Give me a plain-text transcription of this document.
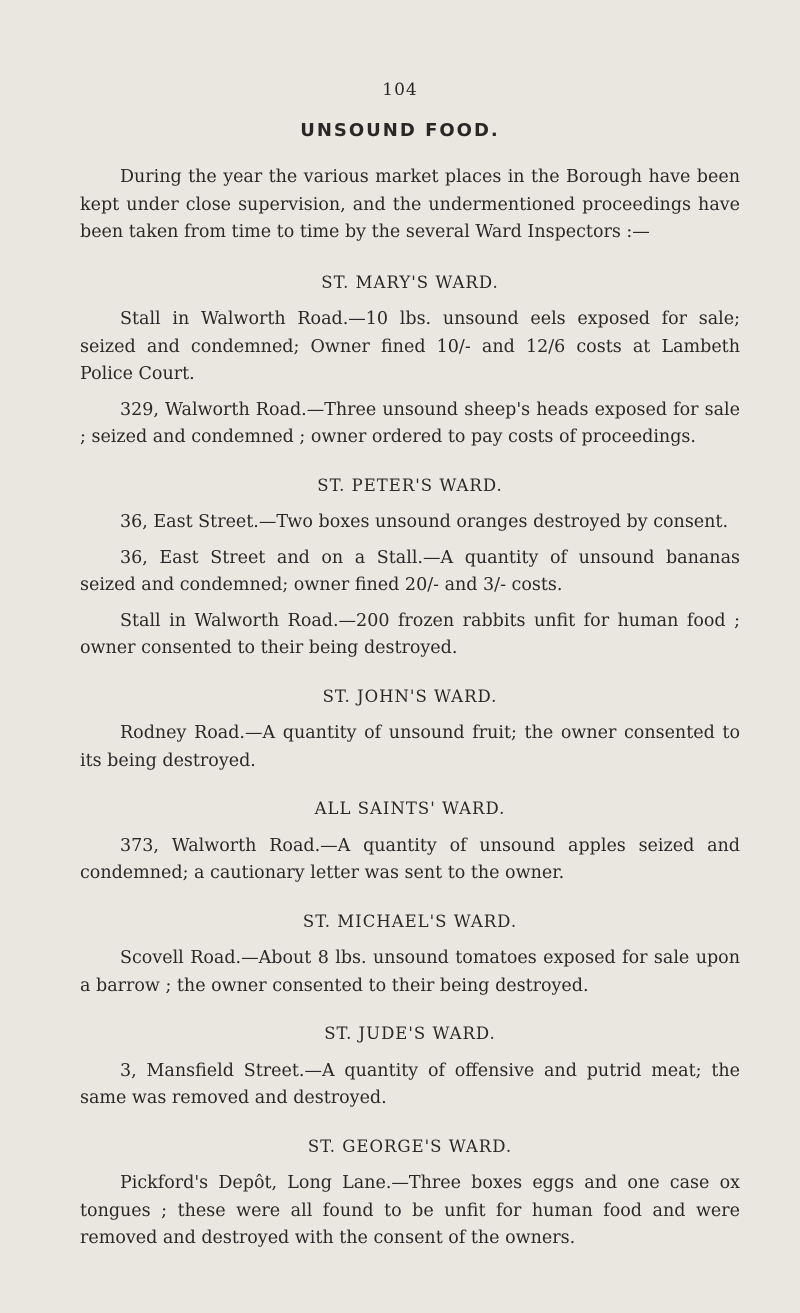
104
UNSOUND FOOD.

During the year the various market places in the Borough have been kept under close supervision, and the undermentioned proceedings have been taken from time to time by the several Ward Inspectors :—

ST. MARY'S WARD.

Stall in Walworth Road.—10 lbs. unsound eels exposed for sale; seized and condemned; Owner fined 10/- and 12/6 costs at Lambeth Police Court.

329, Walworth Road.—Three unsound sheep's heads exposed for sale ; seized and condemned ; owner ordered to pay costs of proceedings.

ST. PETER'S WARD.

36, East Street.—Two boxes unsound oranges destroyed by consent.

36, East Street and on a Stall.—A quantity of unsound bananas seized and condemned; owner fined 20/- and 3/- costs.

Stall in Walworth Road.—200 frozen rabbits unfit for human food ; owner consented to their being destroyed.

ST. JOHN'S WARD.

Rodney Road.—A quantity of unsound fruit; the owner consented to its being destroyed.

ALL SAINTS' WARD.

373, Walworth Road.—A quantity of unsound apples seized and condemned; a cautionary letter was sent to the owner.

ST. MICHAEL'S WARD.

Scovell Road.—About 8 lbs. unsound tomatoes exposed for sale upon a barrow ; the owner consented to their being destroyed.

ST. JUDE'S WARD.

3, Mansfield Street.—A quantity of offensive and putrid meat; the same was removed and destroyed.

ST. GEORGE'S WARD.

Pickford's Depôt, Long Lane.—Three boxes eggs and one case ox tongues ; these were all found to be unfit for human food and were removed and destroyed with the consent of the owners.
